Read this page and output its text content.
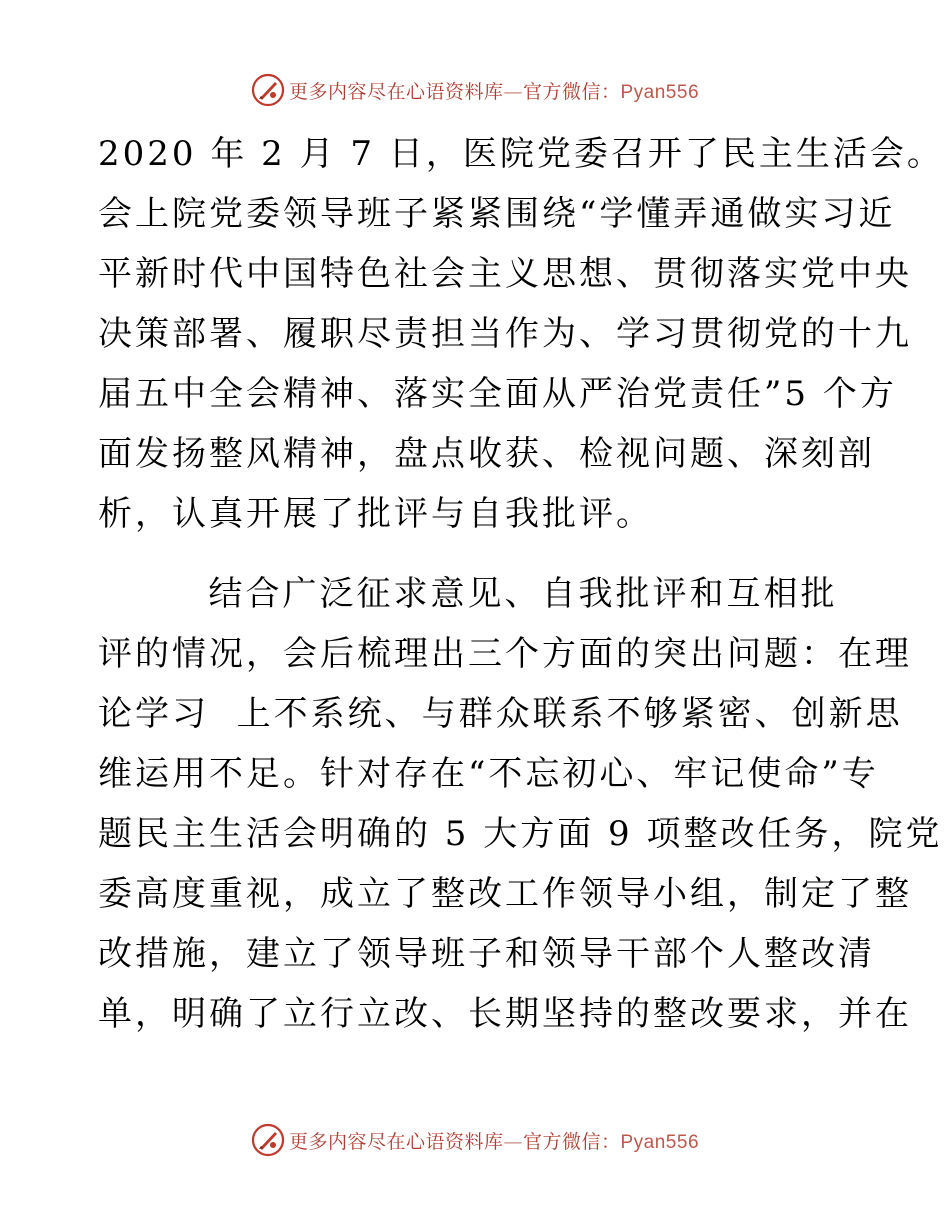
更多内容尽在心语资料库—官方微信：Pyan556
2020 年 2 月 7 日，医院党委召开了民主生活会。
会上院党委领导班子紧紧围绕“学懂弄通做实习近
平新时代中国特色社会主义思想、贯彻落实党中央
决策部署、履职尽责担当作为、学习贯彻党的十九
届五中全会精神、落实全面从严治党责任”5 个方
面发扬整风精神，盘点收获、检视问题、深刻剖
析，认真开展了批评与自我批评。
结合广泛征求意见、自我批评和互相批
评的情况，会后梳理出三个方面的突出问题：在理
论学习  上不系统、与群众联系不够紧密、创新思
维运用不足。针对存在“不忘初心、牢记使命”专
题民主生活会明确的 5 大方面 9 项整改任务，院党
委高度重视，成立了整改工作领导小组，制定了整
改措施，建立了领导班子和领导干部个人整改清
单，明确了立行立改、长期坚持的整改要求，并在
更多内容尽在心语资料库—官方微信：Pyan556
